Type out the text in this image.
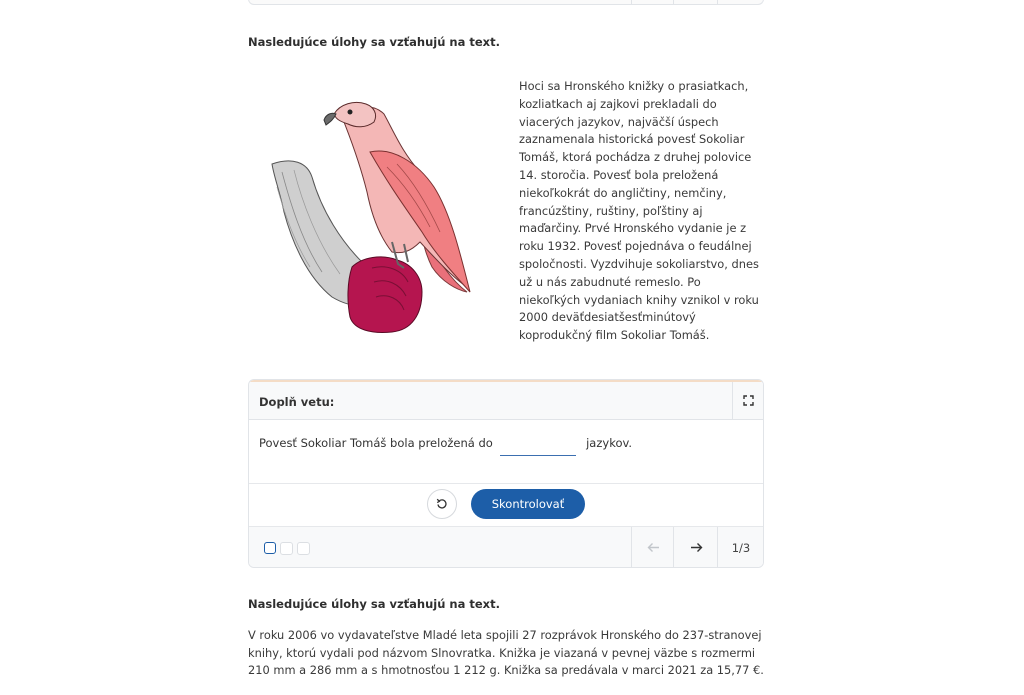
Nasledujúce úlohy sa vzťahujú na text.
Hoci sa Hronského knižky o prasiatkach, kozliatkach aj zajkovi prekladali do viacerých jazykov, najväčší úspech zaznamenala historická povesť Sokoliar Tomáš, ktorá pochádza z druhej polovice 14. storočia. Povesť bola preložená niekoľkokrát do angličtiny, nemčiny, francúzštiny, ruštiny, poľštiny aj maďarčiny. Prvé Hronského vydanie je z roku 1932. Povesť pojednáva o feudálnej spoločnosti. Vyzdvihuje sokoliarstvo, dnes už u nás zabudnuté remeslo. Po niekoľkých vydaniach knihy vznikol v roku 2000 deväťdesiatšesťminútový koprodukčný film Sokoliar Tomáš.
Doplň vetu:
Povesť Sokoliar Tomáš bola preložená do	jazykov.
Skontrolovať
1/3
Nasledujúce úlohy sa vzťahujú na text.
V roku 2006 vo vydavateľstve Mladé leta spojili 27 rozprávok Hronského do 237-stranovej knihy, ktorú vydali pod názvom Slnovratka. Knižka je viazaná v pevnej väzbe s rozmermi 210 mm a 286 mm a s hmotnosťou 1 212 g. Knižka sa predávala v marci 2021 za 15,77 €.
